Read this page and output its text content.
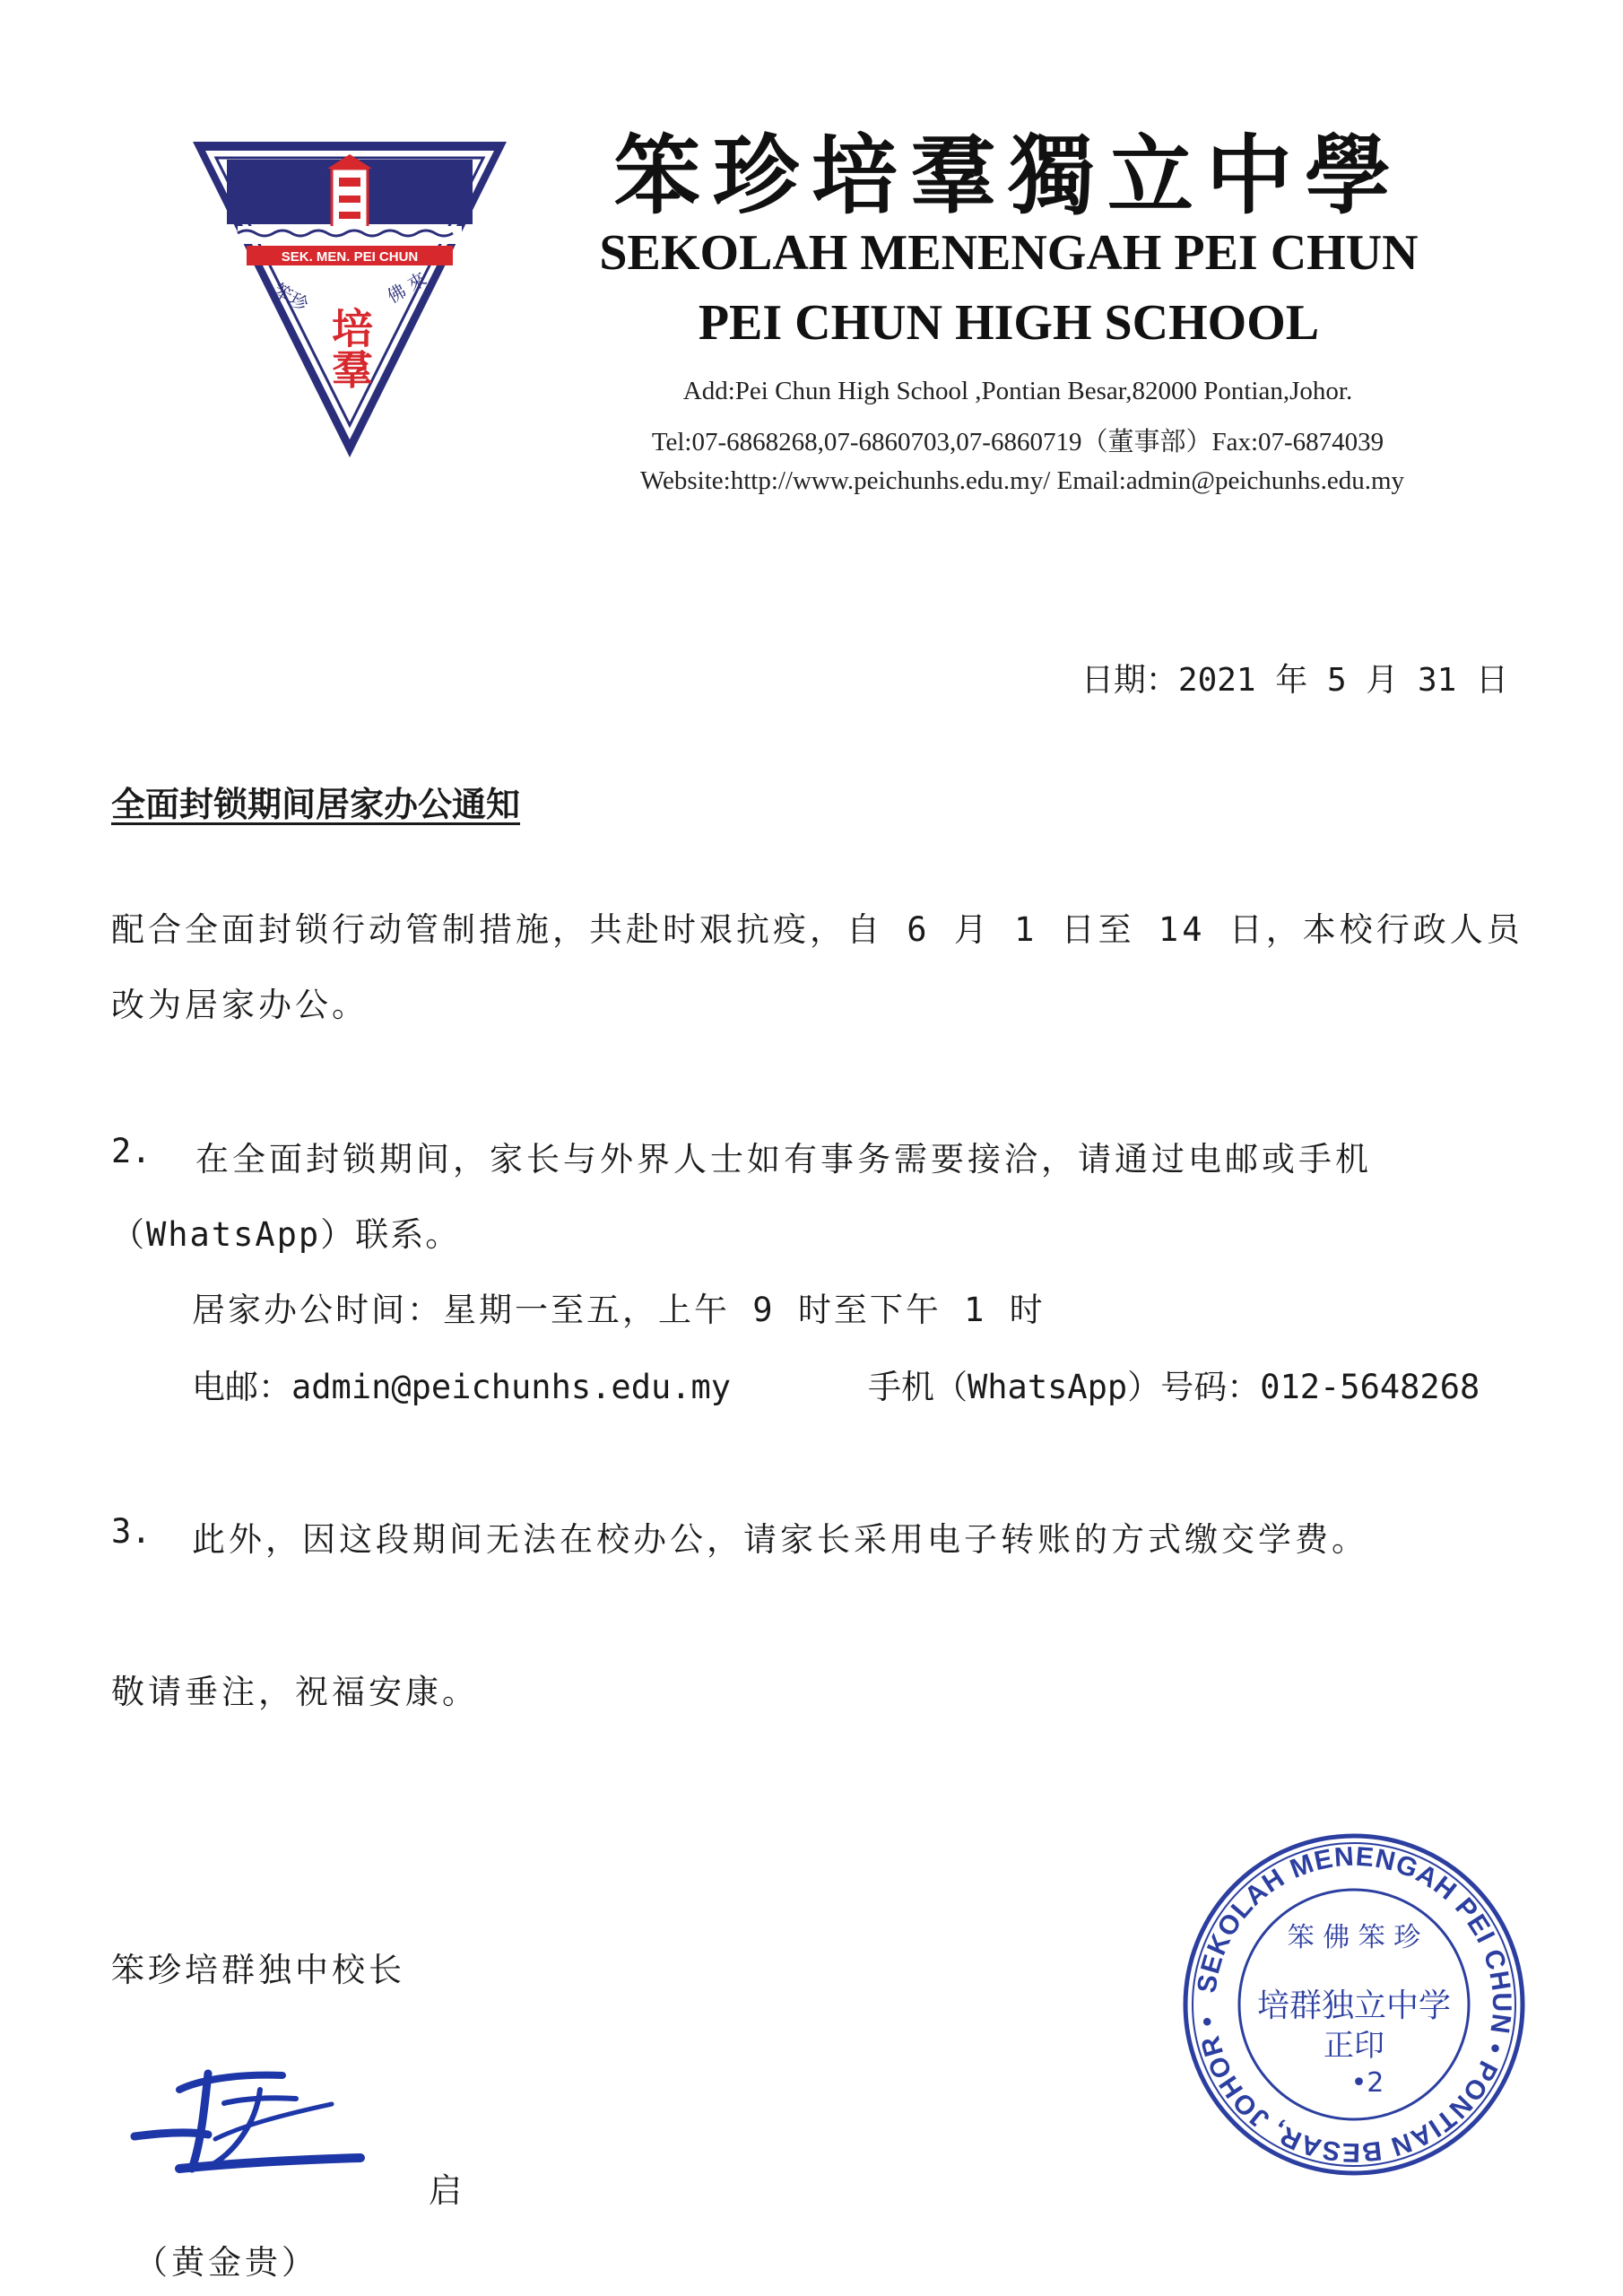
SEK. MEN. PEI CHUN
笨珍	佛 來
培羣
笨珍培羣獨立中學
SEKOLAH MENENGAH PEI CHUN
PEI CHUN HIGH SCHOOL
Add:Pei Chun High School ,Pontian Besar,82000 Pontian,Johor.
Tel:07-6868268,07-6860703,07-6860719（董事部）Fax:07-6874039
Website:http://www.peichunhs.edu.my/ Email:admin@peichunhs.edu.my
日期：2021 年 5 月 31 日
全面封锁期间居家办公通知
配合全面封锁行动管制措施，共赴时艰抗疫，自 6 月 1 日至 14 日，本校行政人员
改为居家办公。
2. 在全面封锁期间，家长与外界人士如有事务需要接洽，请通过电邮或手机
（WhatsApp）联系。
居家办公时间：星期一至五，上午 9 时至下午 1 时
电邮：admin@peichunhs.edu.my	手机（WhatsApp）号码：012-5648268
3. 此外，因这段期间无法在校办公，请家长采用电子转账的方式缴交学费。
敬请垂注，祝福安康。
笨珍培群独中校长
启
（黄金贵）
SEKOLAH MENENGAH PEI CHUN • PONTIAN BESAR, JOHOR •
笨 佛 笨 珍
培群独立中学
正印
•2
